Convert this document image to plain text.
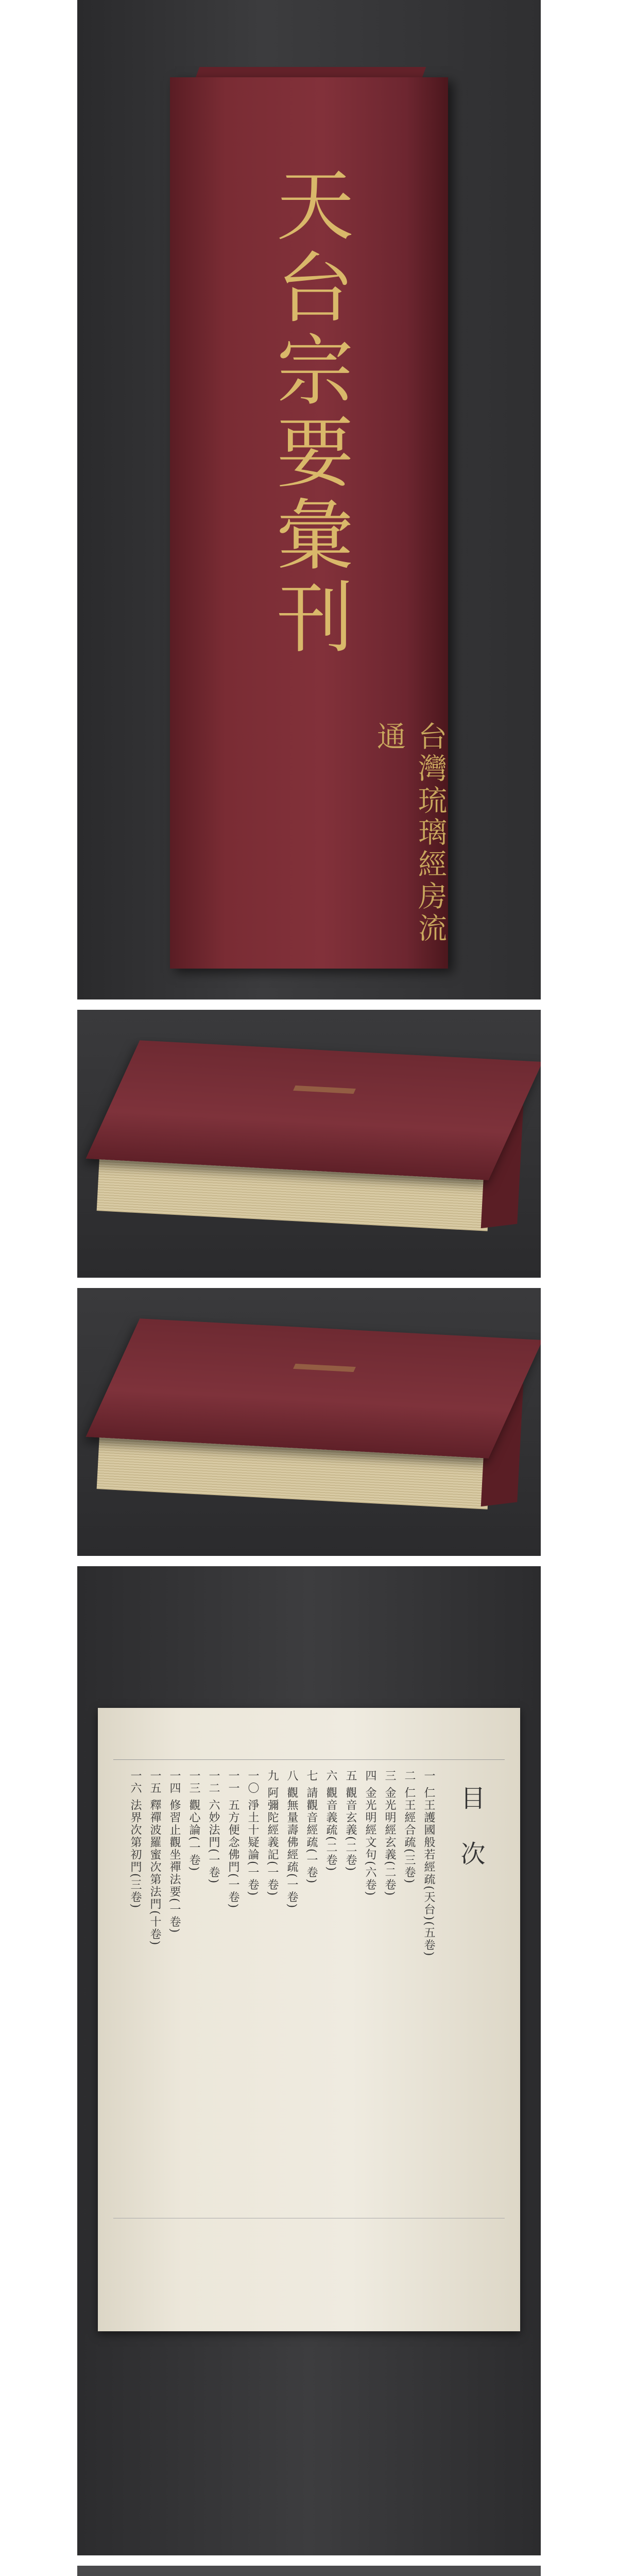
天台宗要彙刊
台灣琉璃經房流通
目次
一 仁王護國般若經疏(天台)(五卷)
二 仁王經合疏(三卷)
三 金光明經玄義(二卷)
四 金光明經文句(六卷)
五 觀音玄義(二卷)
六 觀音義疏(二卷)
七 請觀音經疏(一卷)
八 觀無量壽佛經疏(一卷)
九 阿彌陀經義記(一卷)
一〇 淨土十疑論(一卷)
一一 五方便念佛門(一卷)
一二 六妙法門(一卷)
一三 觀心論(一卷)
一四 修習止觀坐禪法要(一卷)
一五 釋禪波羅蜜次第法門(十卷)
一六 法界次第初門(三卷)
